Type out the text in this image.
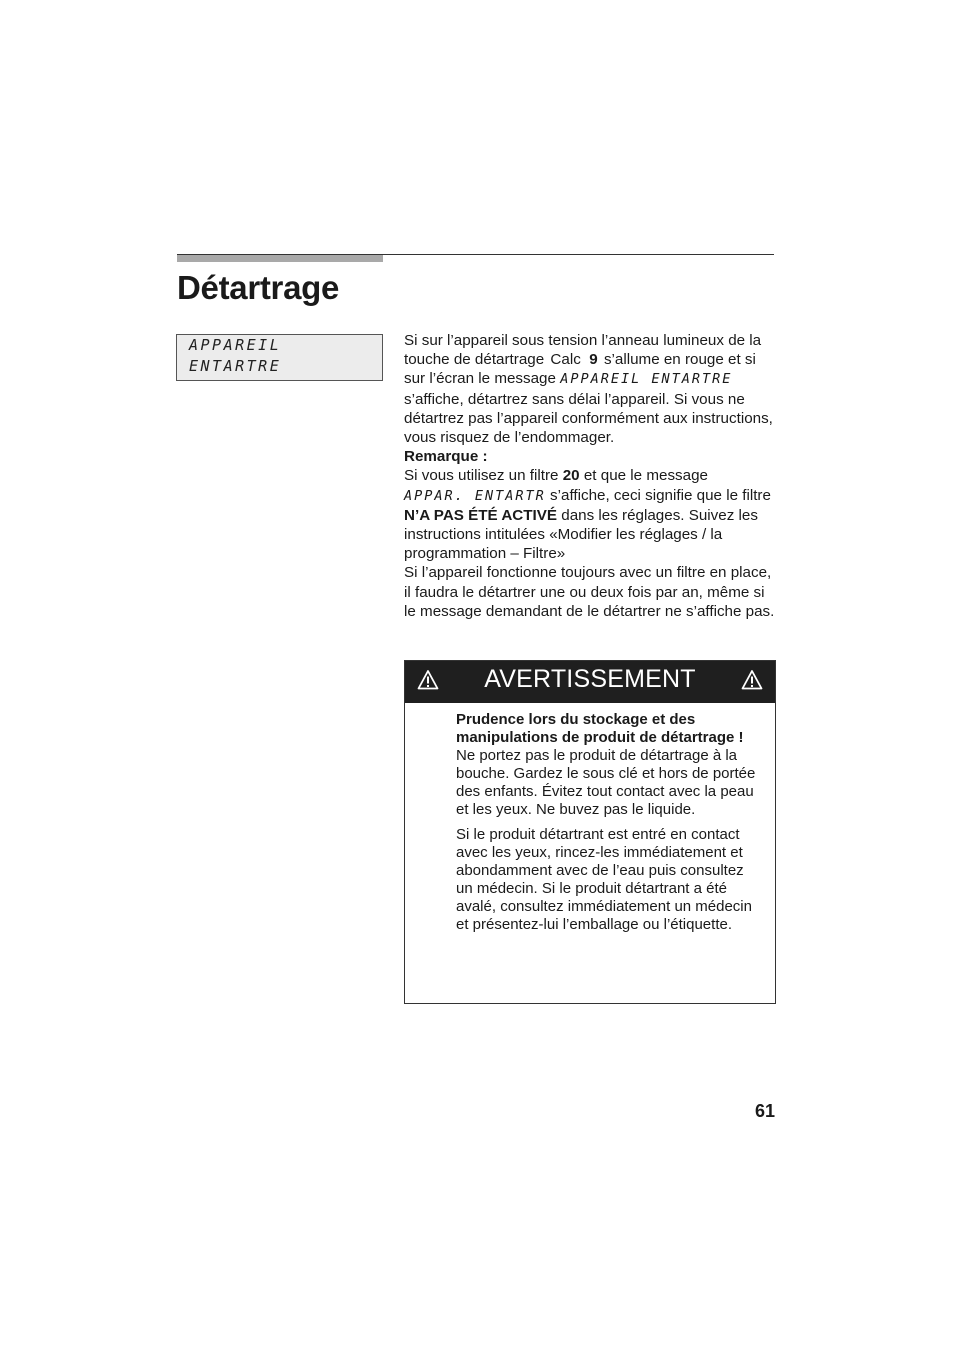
Détartrage
APPAREIL
ENTARTRE

Si sur l’appareil sous tension l’anneau lumineux de la touche de détartrage Calc 9 s’allume en rouge et si sur l’écran le message APPAREIL ENTARTRE s’affiche, détartrez sans délai l’appareil. Si vous ne détartrez pas l’appareil conformément aux instructions, vous risquez de l’endommager.

Remarque :

Si vous utilisez un filtre 20 et que le message
APPAR. ENTARTR s’affiche, ceci signifie que le filtre N’A PAS ÉTÉ ACTIVÉ dans les réglages. Suivez les instructions intitulées «Modifier les réglages / la programmation – Filtre»

Si l’appareil fonctionne toujours avec un filtre en place, il faudra le détartrer une ou deux fois par an, même si le message demandant de le détartrer ne s’affiche pas.

AVERTISSEMENT

Prudence lors du stockage et des manipulations de produit de détartrage !

Ne portez pas le produit de détartrage à la bouche. Gardez le sous clé et hors de portée des enfants. Évitez tout contact avec la peau et les yeux. Ne buvez pas le liquide.

Si le produit détartrant est entré en contact avec les yeux, rincez-les immédiatement et abondamment avec de l’eau puis consultez un médecin. Si le produit détartrant a été avalé, consultez immédiatement un médecin et présentez-lui l’emballage ou l’étiquette.

61
